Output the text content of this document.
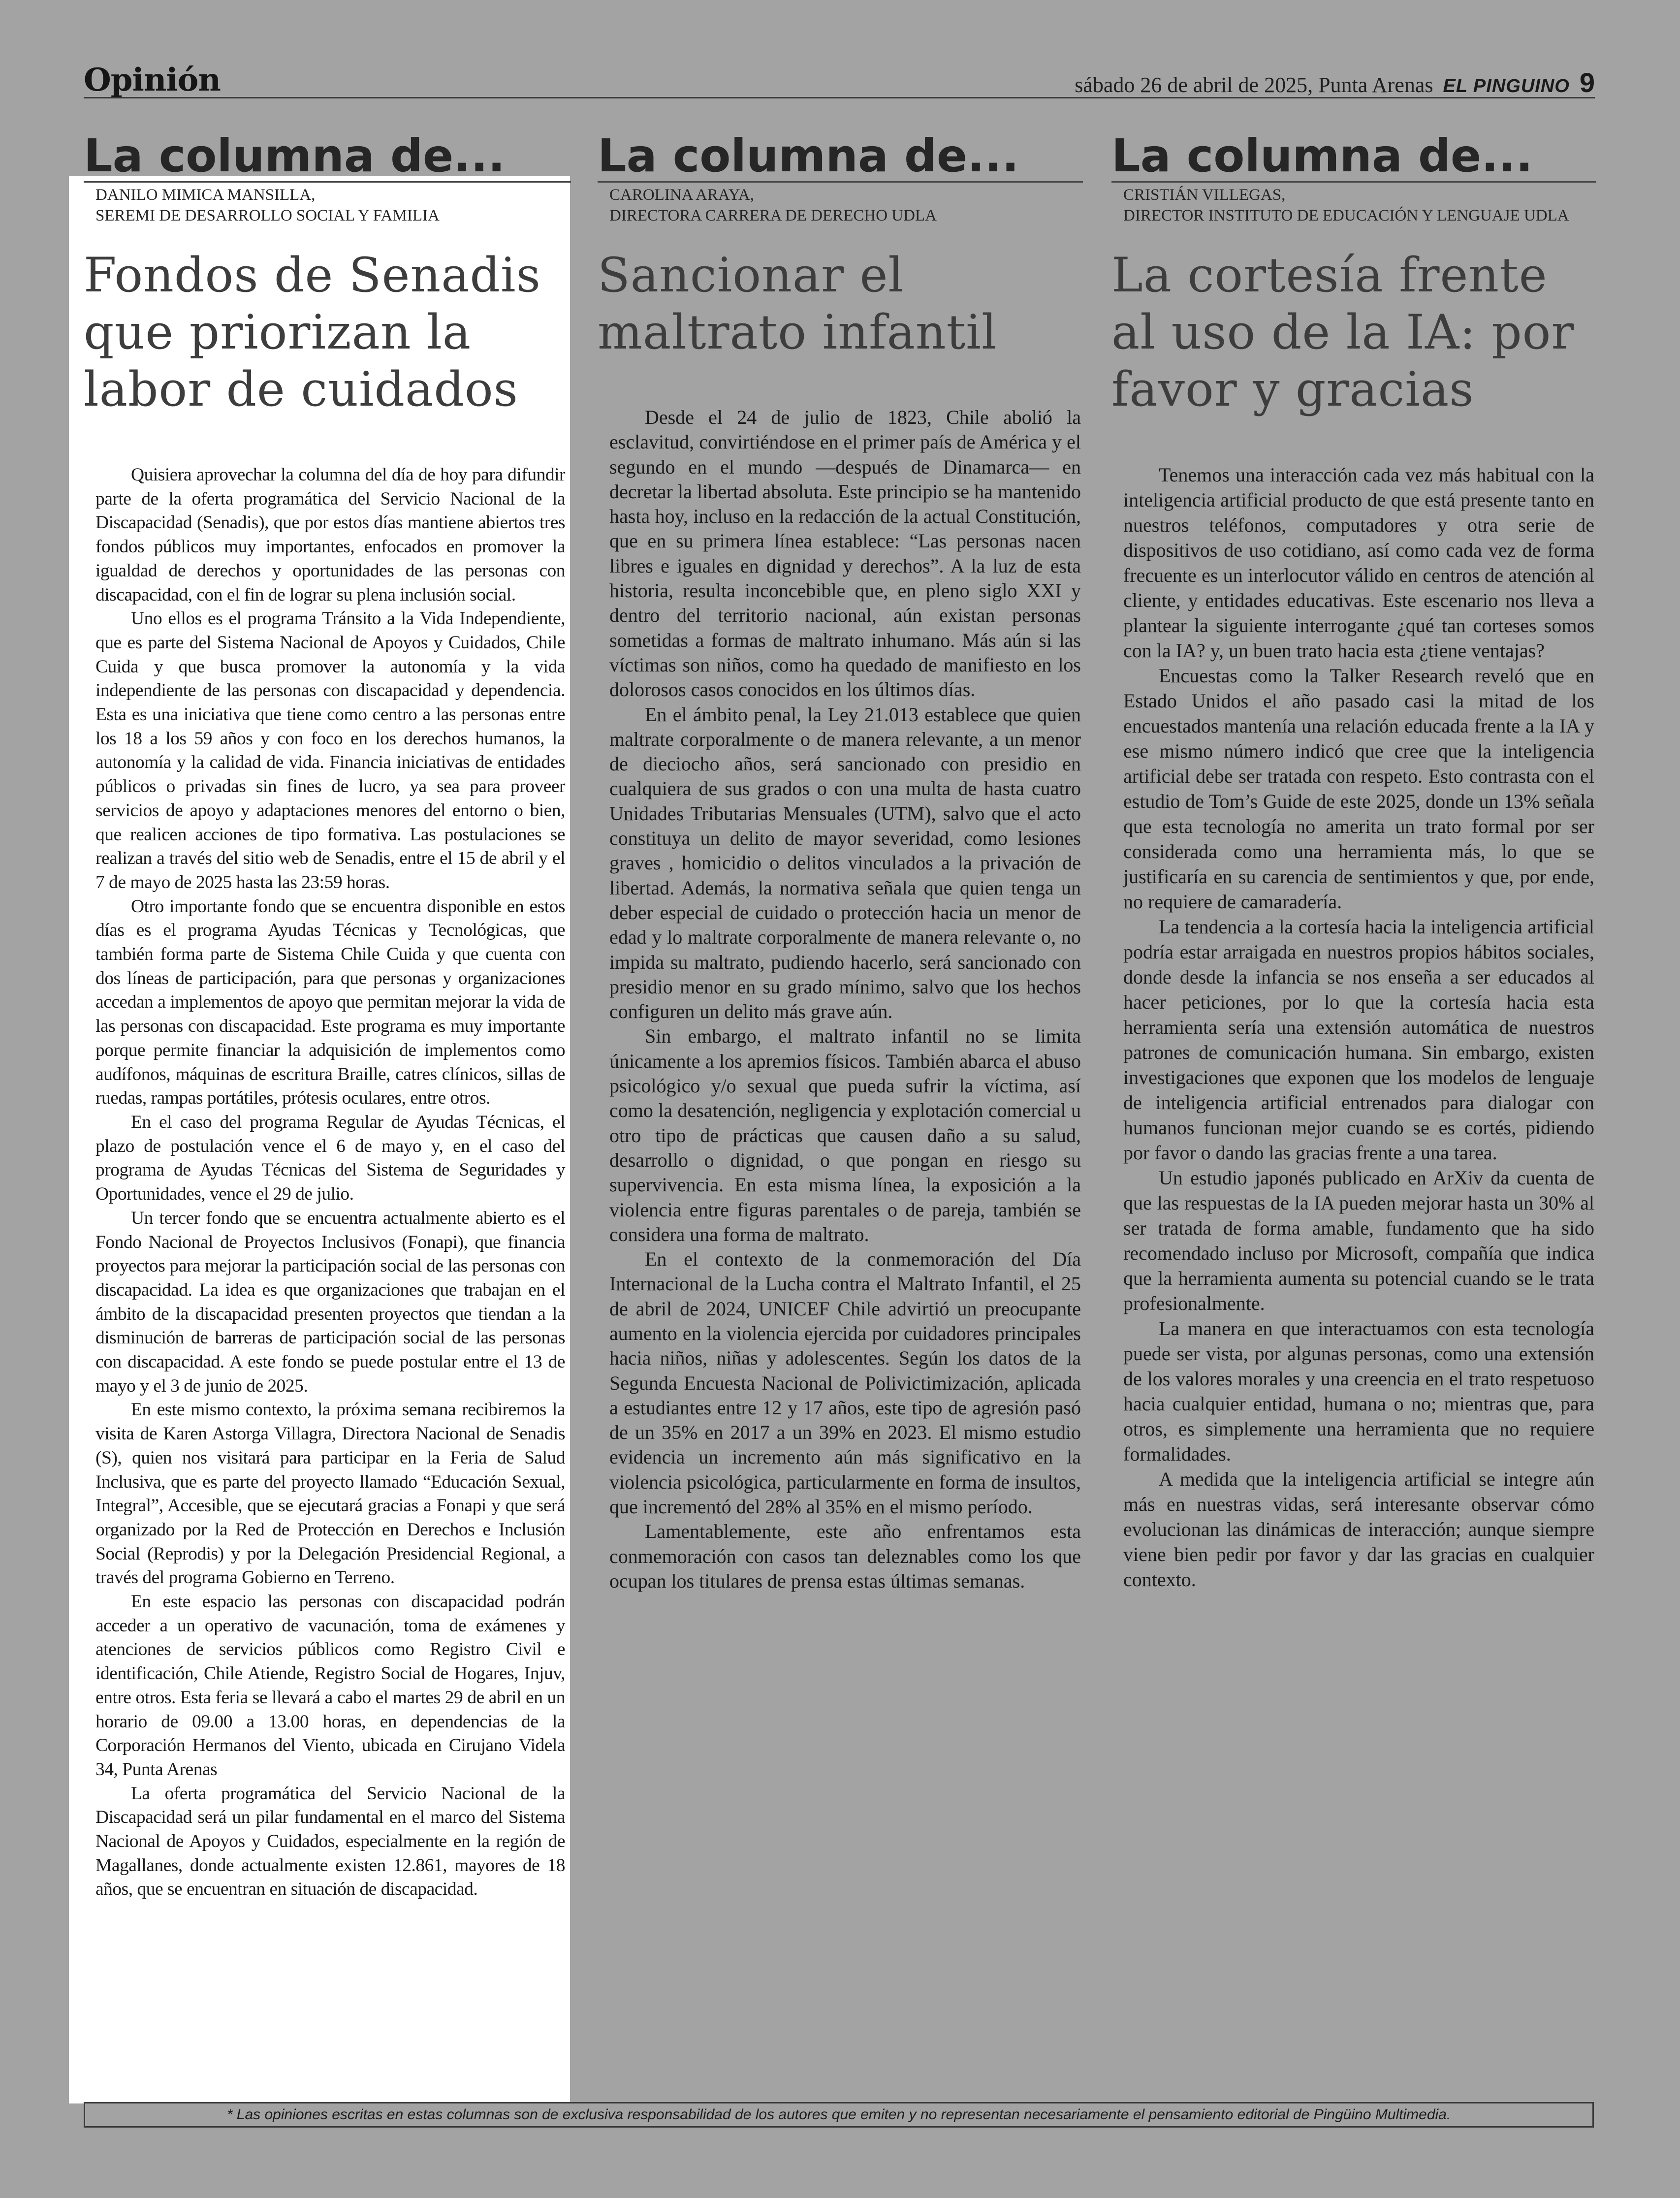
Opinión	sábado 26 de abril de 2025, Punta Arenas EL PINGUINO 9
La columna de...
DANILO MIMICA MANSILLA,
SEREMI DE DESARROLLO SOCIAL Y FAMILIA
Fondos de Senadis que priorizan la labor de cuidados

Quisiera aprovechar la columna del día de hoy para difundir parte de la oferta programática del Servicio Nacional de la Discapacidad (Senadis), que por estos días mantiene abiertos tres fondos públicos muy importantes, enfocados en promover la igualdad de derechos y oportunidades de las personas con discapacidad, con el fin de lograr su plena inclusión social.

Uno ellos es el programa Tránsito a la Vida Independiente, que es parte del Sistema Nacional de Apoyos y Cuidados, Chile Cuida y que busca promover la autonomía y la vida independiente de las personas con discapacidad y dependencia. Esta es una iniciativa que tiene como centro a las personas entre los 18 a los 59 años y con foco en los derechos humanos, la autonomía y la calidad de vida. Financia iniciativas de entidades públicos o privadas sin fines de lucro, ya sea para proveer servicios de apoyo y adaptaciones menores del entorno o bien, que realicen acciones de tipo formativa. Las postulaciones se realizan a través del sitio web de Senadis, entre el 15 de abril y el 7 de mayo de 2025 hasta las 23:59 horas.

Otro importante fondo que se encuentra disponible en estos días es el programa Ayudas Técnicas y Tecnológicas, que también forma parte de Sistema Chile Cuida y que cuenta con dos líneas de participación, para que personas y organizaciones accedan a implementos de apoyo que permitan mejorar la vida de las personas con discapacidad. Este programa es muy importante porque permite financiar la adquisición de implementos como audífonos, máquinas de escritura Braille, catres clínicos, sillas de ruedas, rampas portátiles, prótesis oculares, entre otros.

En el caso del programa Regular de Ayudas Técnicas, el plazo de postulación vence el 6 de mayo y, en el caso del programa de Ayudas Técnicas del Sistema de Seguridades y Oportunidades, vence el 29 de julio.

Un tercer fondo que se encuentra actualmente abierto es el Fondo Nacional de Proyectos Inclusivos (Fonapi), que financia proyectos para mejorar la participación social de las personas con discapacidad. La idea es que organizaciones que trabajan en el ámbito de la discapacidad presenten proyectos que tiendan a la disminución de barreras de participación social de las personas con discapacidad. A este fondo se puede postular entre el 13 de mayo y el 3 de junio de 2025.

En este mismo contexto, la próxima semana recibiremos la visita de Karen Astorga Villagra, Directora Nacional de Senadis (S), quien nos visitará para participar en la Feria de Salud Inclusiva, que es parte del proyecto llamado “Educación Sexual, Integral”, Accesible, que se ejecutará gracias a Fonapi y que será organizado por la Red de Protección en Derechos e Inclusión Social (Reprodis) y por la Delegación Presidencial Regional, a través del programa Gobierno en Terreno.

En este espacio las personas con discapacidad podrán acceder a un operativo de vacunación, toma de exámenes y atenciones de servicios públicos como Registro Civil e identificación, Chile Atiende, Registro Social de Hogares, Injuv, entre otros. Esta feria se llevará a cabo el martes 29 de abril en un horario de 09.00 a 13.00 horas, en dependencias de la Corporación Hermanos del Viento, ubicada en Cirujano Videla 34, Punta Arenas

La oferta programática del Servicio Nacional de la Discapacidad será un pilar fundamental en el marco del Sistema Nacional de Apoyos y Cuidados, especialmente en la región de Magallanes, donde actualmente existen 12.861, mayores de 18 años, que se encuentran en situación de discapacidad.

La columna de...
CAROLINA ARAYA,
DIRECTORA CARRERA DE DERECHO UDLA
Sancionar el maltrato infantil

Desde el 24 de julio de 1823, Chile abolió la esclavitud, convirtiéndose en el primer país de América y el segundo en el mundo —después de Dinamarca— en decretar la libertad absoluta. Este principio se ha mantenido hasta hoy, incluso en la redacción de la actual Constitución, que en su primera línea establece: “Las personas nacen libres e iguales en dignidad y derechos”. A la luz de esta historia, resulta inconcebible que, en pleno siglo XXI y dentro del territorio nacional, aún existan personas sometidas a formas de maltrato inhumano. Más aún si las víctimas son niños, como ha quedado de manifiesto en los dolorosos casos conocidos en los últimos días.

En el ámbito penal, la Ley 21.013 establece que quien maltrate corporalmente o de manera relevante, a un menor de dieciocho años, será sancionado con presidio en cualquiera de sus grados o con una multa de hasta cuatro Unidades Tributarias Mensuales (UTM), salvo que el acto constituya un delito de mayor severidad, como lesiones graves , homicidio o delitos vinculados a la privación de libertad. Además, la normativa señala que quien tenga un deber especial de cuidado o protección hacia un menor de edad y lo maltrate corporalmente de manera relevante o, no impida su maltrato, pudiendo hacerlo, será sancionado con presidio menor en su grado mínimo, salvo que los hechos configuren un delito más grave aún.

Sin embargo, el maltrato infantil no se limita únicamente a los apremios físicos. También abarca el abuso psicológico y/o sexual que pueda sufrir la víctima, así como la desatención, negligencia y explotación comercial u otro tipo de prácticas que causen daño a su salud, desarrollo o dignidad, o que pongan en riesgo su supervivencia. En esta misma línea, la exposición a la violencia entre figuras parentales o de pareja, también se considera una forma de maltrato.

En el contexto de la conmemoración del Día Internacional de la Lucha contra el Maltrato Infantil, el 25 de abril de 2024, UNICEF Chile advirtió un preocupante aumento en la violencia ejercida por cuidadores principales hacia niños, niñas y adolescentes. Según los datos de la Segunda Encuesta Nacional de Polivictimización, aplicada a estudiantes entre 12 y 17 años, este tipo de agresión pasó de un 35% en 2017 a un 39% en 2023. El mismo estudio evidencia un incremento aún más significativo en la violencia psicológica, particularmente en forma de insultos, que incrementó del 28% al 35% en el mismo período.

Lamentablemente, este año enfrentamos esta conmemoración con casos tan deleznables como los que ocupan los titulares de prensa estas últimas semanas.

La columna de...
CRISTIÁN VILLEGAS,
DIRECTOR INSTITUTO DE EDUCACIÓN Y LENGUAJE UDLA
La cortesía frente al uso de la IA: por favor y gracias

Tenemos una interacción cada vez más habitual con la inteligencia artificial producto de que está presente tanto en nuestros teléfonos, computadores y otra serie de dispositivos de uso cotidiano, así como cada vez de forma frecuente es un interlocutor válido en centros de atención al cliente, y entidades educativas. Este escenario nos lleva a plantear la siguiente interrogante ¿qué tan corteses somos con la IA? y, un buen trato hacia esta ¿tiene ventajas?

Encuestas como la Talker Research reveló que en Estado Unidos el año pasado casi la mitad de los encuestados mantenía una relación educada frente a la IA y ese mismo número indicó que cree que la inteligencia artificial debe ser tratada con respeto. Esto contrasta con el estudio de Tom’s Guide de este 2025, donde un 13% señala que esta tecnología no amerita un trato formal por ser considerada como una herramienta más, lo que se justificaría en su carencia de sentimientos y que, por ende, no requiere de camaradería.

La tendencia a la cortesía hacia la inteligencia artificial podría estar arraigada en nuestros propios hábitos sociales, donde desde la infancia se nos enseña a ser educados al hacer peticiones, por lo que la cortesía hacia esta herramienta sería una extensión automática de nuestros patrones de comunicación humana. Sin embargo, existen investigaciones que exponen que los modelos de lenguaje de inteligencia artificial entrenados para dialogar con humanos funcionan mejor cuando se es cortés, pidiendo por favor o dando las gracias frente a una tarea.

Un estudio japonés publicado en ArXiv da cuenta de que las respuestas de la IA pueden mejorar hasta un 30% al ser tratada de forma amable, fundamento que ha sido recomendado incluso por Microsoft, compañía que indica que la herramienta aumenta su potencial cuando se le trata profesionalmente.

La manera en que interactuamos con esta tecnología puede ser vista, por algunas personas, como una extensión de los valores morales y una creencia en el trato respetuoso hacia cualquier entidad, humana o no; mientras que, para otros, es simplemente una herramienta que no requiere formalidades.

A medida que la inteligencia artificial se integre aún más en nuestras vidas, será interesante observar cómo evolucionan las dinámicas de interacción; aunque siempre viene bien pedir por favor y dar las gracias en cualquier contexto.

* Las opiniones escritas en estas columnas son de exclusiva responsabilidad de los autores que emiten y no representan necesariamente el pensamiento editorial de Pingüino Multimedia.
